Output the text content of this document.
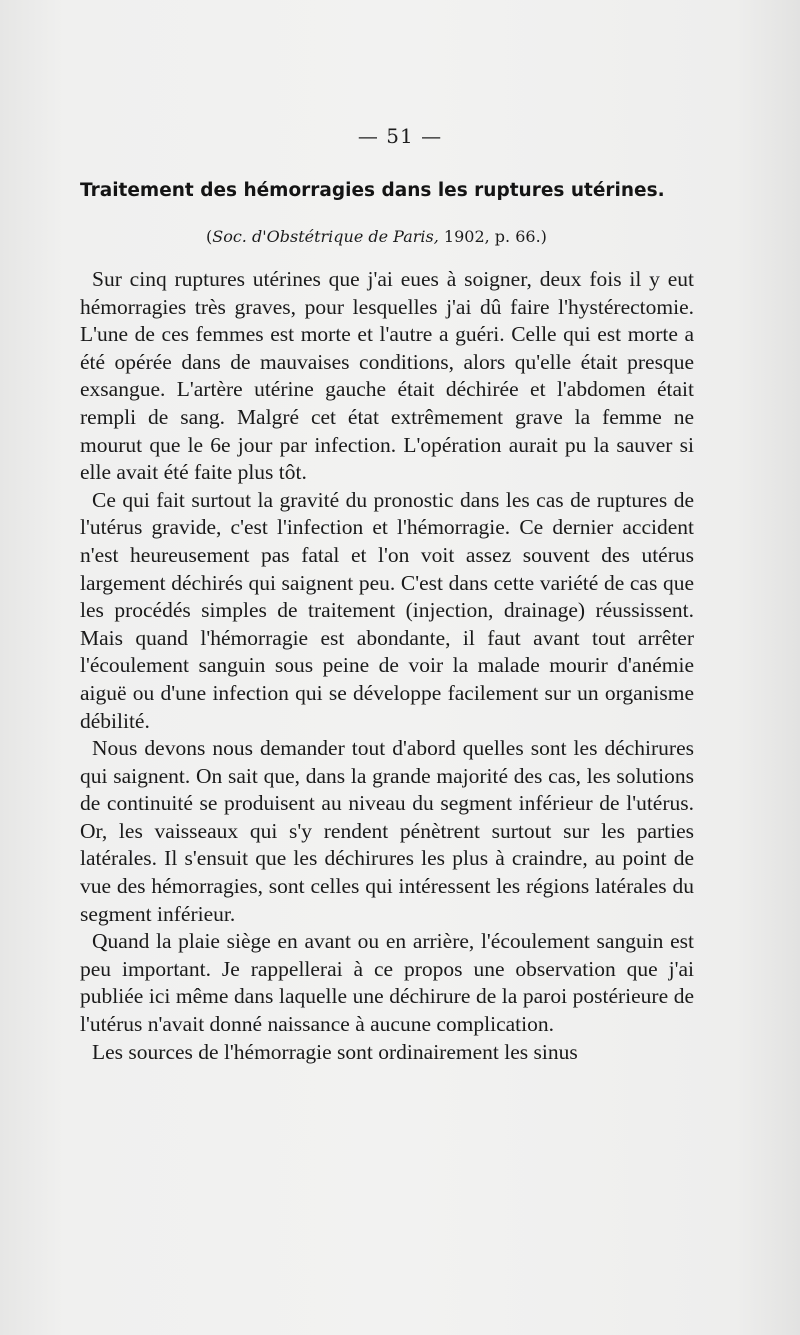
— 51 —
Traitement des hémorragies dans les ruptures utérines.
(Soc. d'Obstétrique de Paris, 1902, p. 66.)

Sur cinq ruptures utérines que j'ai eues à soigner, deux fois il y eut hémorragies très graves, pour lesquelles j'ai dû faire l'hystérectomie. L'une de ces femmes est morte et l'autre a guéri. Celle qui est morte a été opérée dans de mauvaises conditions, alors qu'elle était presque exsangue. L'artère utérine gauche était déchirée et l'abdomen était rempli de sang. Malgré cet état extrêmement grave la femme ne mourut que le 6e jour par infection. L'opération aurait pu la sauver si elle avait été faite plus tôt.

Ce qui fait surtout la gravité du pronostic dans les cas de ruptures de l'utérus gravide, c'est l'infection et l'hémorragie. Ce dernier accident n'est heureusement pas fatal et l'on voit assez souvent des utérus largement déchirés qui saignent peu. C'est dans cette variété de cas que les procédés simples de traitement (injection, drainage) réussissent. Mais quand l'hémorragie est abondante, il faut avant tout arrêter l'écoulement sanguin sous peine de voir la malade mourir d'anémie aiguë ou d'une infection qui se développe facilement sur un organisme débilité.

Nous devons nous demander tout d'abord quelles sont les déchirures qui saignent. On sait que, dans la grande majorité des cas, les solutions de continuité se produisent au niveau du segment inférieur de l'utérus. Or, les vaisseaux qui s'y rendent pénètrent surtout sur les parties latérales. Il s'ensuit que les déchirures les plus à craindre, au point de vue des hémorragies, sont celles qui intéressent les régions latérales du segment inférieur.

Quand la plaie siège en avant ou en arrière, l'écoulement sanguin est peu important. Je rappellerai à ce propos une observation que j'ai publiée ici même dans laquelle une déchirure de la paroi postérieure de l'utérus n'avait donné naissance à aucune complication.

Les sources de l'hémorragie sont ordinairement les sinus
